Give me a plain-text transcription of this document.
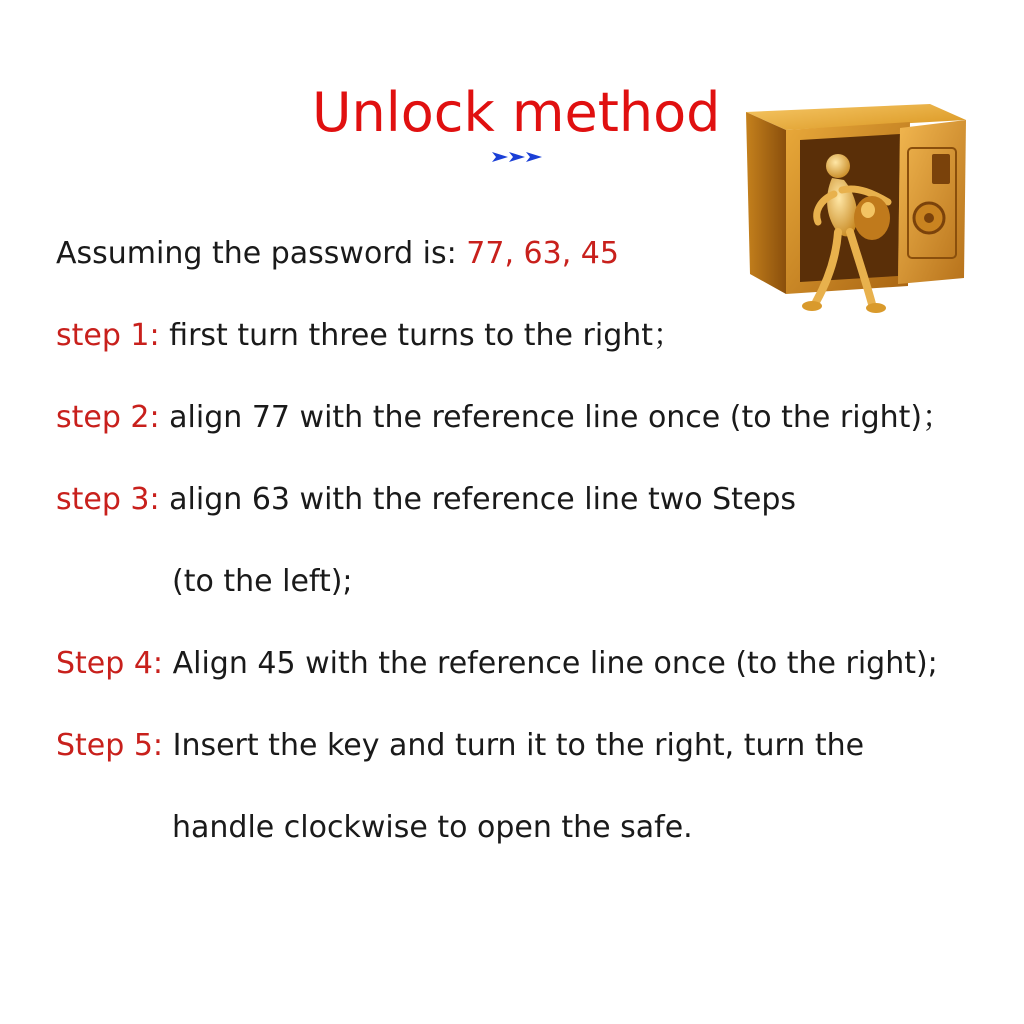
Unlock method
Assuming the password is: 77, 63, 45
step 1: first turn three turns to the right；
step 2: align 77 with the reference line once (to the right)；
step 3: align 63 with the reference line two Steps
(to the left);
Step 4: Align 45 with the reference line once (to the right);
Step 5: Insert the key and turn it to the right, turn the
handle clockwise to open the safe.
